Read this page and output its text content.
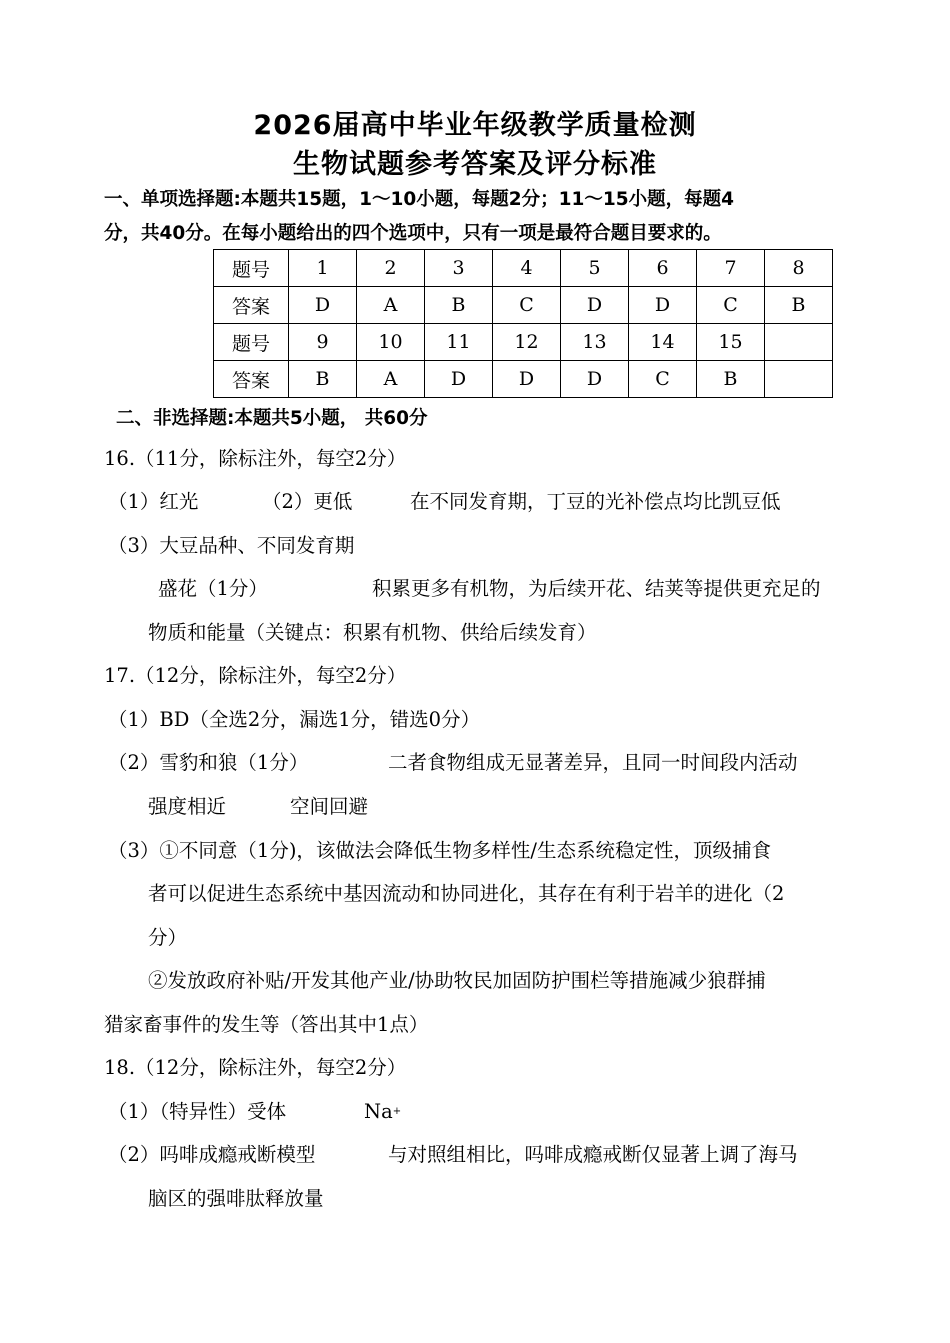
2026届高中毕业年级教学质量检测
生物试题参考答案及评分标准
一、单项选择题:本题共15题，1～10小题，每题2分；11～15小题，每题4
分，共40分。在每小题给出的四个选项中，只有一项是最符合题目要求的。
题号	1	2	3	4	5	6	7	8
答案	D	A	B	C	D	D	C	B
题号	9	10	11	12	13	14	15	
答案	B	A	D	D	D	C	B	
二、非选择题:本题共5小题， 共60分
16.（11分，除标注外，每空2分）
（1）红光	（2）更低	在不同发育期，丁豆的光补偿点均比凯豆低
（3）大豆品种、不同发育期
盛花（1分）	积累更多有机物，为后续开花、结荚等提供更充足的
物质和能量（关键点：积累有机物、供给后续发育）
17.（12分，除标注外，每空2分）
（1）BD（全选2分，漏选1分，错选0分）
（2）雪豹和狼（1分）	二者食物组成无显著差异，且同一时间段内活动
强度相近	空间回避
（3）①不同意（1分)，该做法会降低生物多样性/生态系统稳定性，顶级捕食
者可以促进生态系统中基因流动和协同进化，其存在有利于岩羊的进化（2
分）
②发放政府补贴/开发其他产业/协助牧民加固防护围栏等措施减少狼群捕
猎家畜事件的发生等（答出其中1点）
18.（12分，除标注外，每空2分）
（1）（特异性）受体	Na+
（2）吗啡成瘾戒断模型	与对照组相比，吗啡成瘾戒断仅显著上调了海马
脑区的强啡肽释放量
